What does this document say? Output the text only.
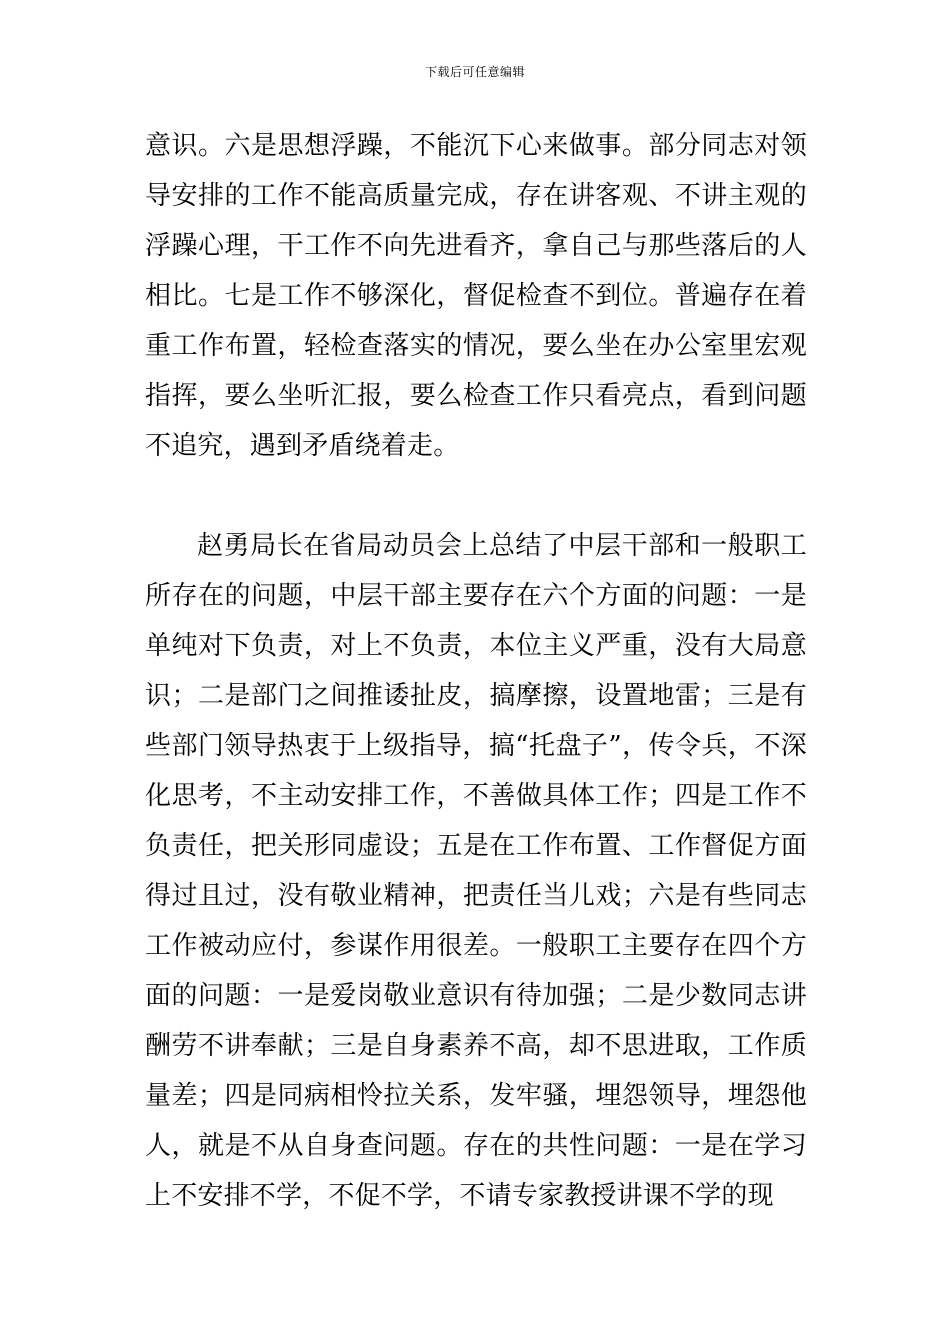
下载后可任意编辑

意识。六是思想浮躁，不能沉下心来做事。部分同志对领导安排的工作不能高质量完成，存在讲客观、不讲主观的浮躁心理，干工作不向先进看齐，拿自己与那些落后的人相比。七是工作不够深化，督促检查不到位。普遍存在着重工作布置，轻检查落实的情况，要么坐在办公室里宏观指挥，要么坐听汇报，要么检查工作只看亮点，看到问题不追究，遇到矛盾绕着走。

赵勇局长在省局动员会上总结了中层干部和一般职工所存在的问题，中层干部主要存在六个方面的问题：一是单纯对下负责，对上不负责，本位主义严重，没有大局意识；二是部门之间推诿扯皮，搞摩擦，设置地雷；三是有些部门领导热衷于上级指导，搞“托盘子”，传令兵，不深化思考，不主动安排工作，不善做具体工作；四是工作不负责任，把关形同虚设；五是在工作布置、工作督促方面得过且过，没有敬业精神，把责任当儿戏；六是有些同志工作被动应付，参谋作用很差。一般职工主要存在四个方面的问题：一是爱岗敬业意识有待加强；二是少数同志讲酬劳不讲奉献；三是自身素养不高，却不思进取，工作质量差；四是同病相怜拉关系，发牢骚，埋怨领导，埋怨他人，就是不从自身查问题。存在的共性问题：一是在学习上不安排不学，不促不学，不请专家教授讲课不学的现
